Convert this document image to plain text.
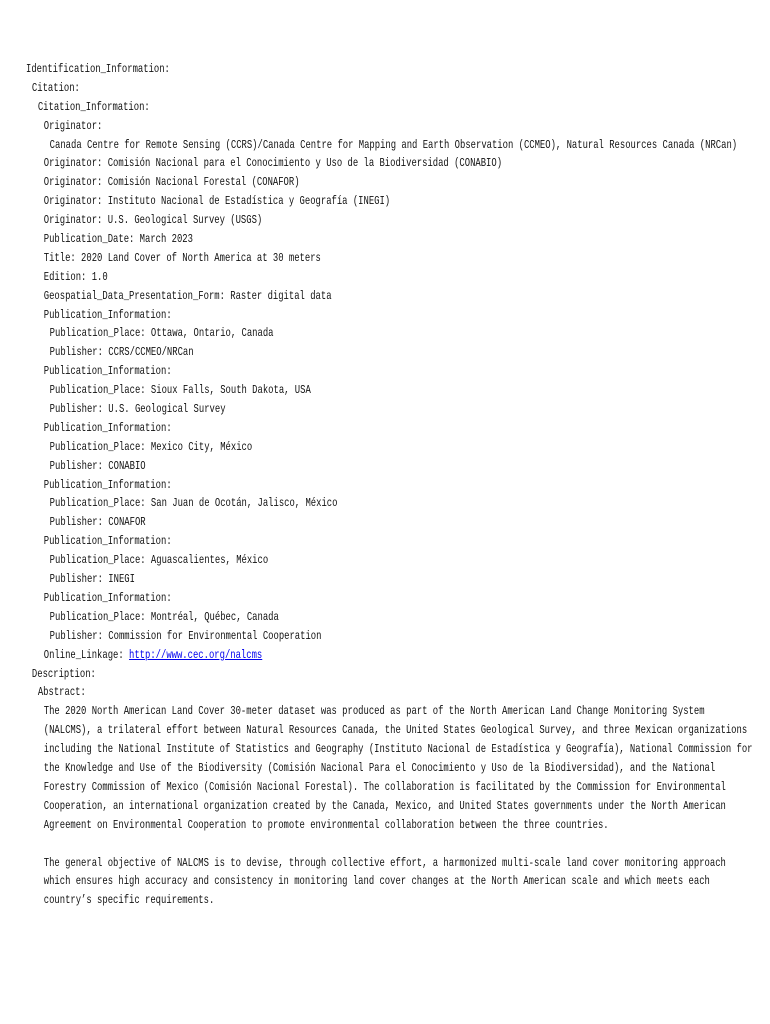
Identification_Information:
Citation:
Citation_Information:
Originator:
Canada Centre for Remote Sensing (CCRS)/Canada Centre for Mapping and Earth Observation (CCMEO), Natural Resources Canada (NRCan)
Originator: Comisión Nacional para el Conocimiento y Uso de la Biodiversidad (CONABIO)
Originator: Comisión Nacional Forestal (CONAFOR)
Originator: Instituto Nacional de Estadística y Geografía (INEGI)
Originator: U.S. Geological Survey (USGS)
Publication_Date: March 2023
Title: 2020 Land Cover of North America at 30 meters
Edition: 1.0
Geospatial_Data_Presentation_Form: Raster digital data
Publication_Information:
Publication_Place: Ottawa, Ontario, Canada
Publisher: CCRS/CCMEO/NRCan
Publication_Information:
Publication_Place: Sioux Falls, South Dakota, USA
Publisher: U.S. Geological Survey
Publication_Information:
Publication_Place: Mexico City, México
Publisher: CONABIO
Publication_Information:
Publication_Place: San Juan de Ocotán, Jalisco, México
Publisher: CONAFOR
Publication_Information:
Publication_Place: Aguascalientes, México
Publisher: INEGI
Publication_Information:
Publication_Place: Montréal, Québec, Canada
Publisher: Commission for Environmental Cooperation
Online_Linkage: http://www.cec.org/nalcms
Description:
Abstract:
The 2020 North American Land Cover 30-meter dataset was produced as part of the North American Land Change Monitoring System (NALCMS), a trilateral effort between Natural Resources Canada, the United States Geological Survey, and three Mexican organizations including the National Institute of Statistics and Geography (Instituto Nacional de Estadística y Geografía), National Commission for the Knowledge and Use of the Biodiversity (Comisión Nacional Para el Conocimiento y Uso de la Biodiversidad), and the National Forestry Commission of Mexico (Comisión Nacional Forestal). The collaboration is facilitated by the Commission for Environmental Cooperation, an international organization created by the Canada, Mexico, and United States governments under the North American Agreement on Environmental Cooperation to promote environmental collaboration between the three countries.
The general objective of NALCMS is to devise, through collective effort, a harmonized multi-scale land cover monitoring approach which ensures high accuracy and consistency in monitoring land cover changes at the North American scale and which meets each country’s specific requirements.
